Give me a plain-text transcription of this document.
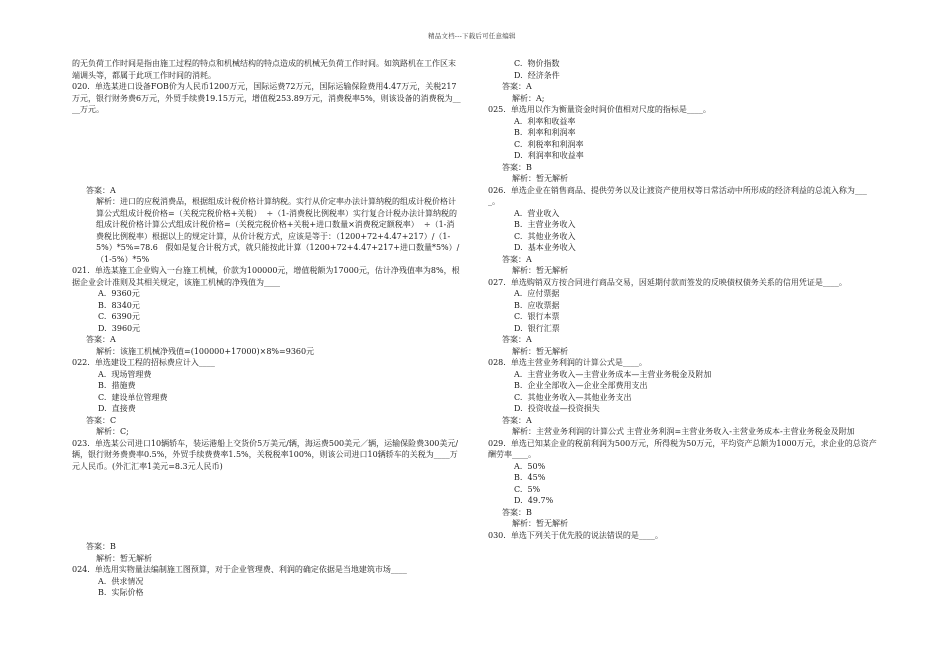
精品文档---下载后可任意编辑

的无负荷工作时间是指由施工过程的特点和机械结构的特点造成的机械无负荷工作时间。如筑路机在工作区末端调头等，都属于此项工作时间的消耗。

020.  单选某进口设备FOB价为人民币1200万元，国际运费72万元，国际运输保险费用4.47万元，关税217万元，银行财务费6万元，外贸手续费19.15万元，增值税253.89万元，消费税率5%，则该设备的消费税为____万元。

答案：A

解析：进口的应税消费品，根据组成计税价格计算纳税。实行从价定率办法计算纳税的组成计税价格计算公式组成计税价格=（关税完税价格+关税）  ÷（1-消费税比例税率）实行复合计税办法计算纳税的组成计税价格计算公式组成计税价格=（关税完税价格+关税+进口数量×消费税定额税率）  ÷（1-消费税比例税率）根据以上的规定计算，从价计税方式，应该是等于：（1200+72+4.47+217）/（1-5%）*5%=78.6   假如是复合计税方式，就只能按此计算（1200+72+4.47+217+进口数量*5%）/（1-5%）*5%

021.  单选某施工企业购入一台施工机械，价款为100000元，增值税额为17000元，估计净残值率为8%，根据企业会计准则及其相关规定，该施工机械的净残值为____

A.  9360元

B.  8340元

C.  6390元

D.  3960元

答案：A

解析：该施工机械净残值=(100000+17000)×8%=9360元

022.  单选建设工程的招标费应计入____

A.  现场管理费

B.  措施费

C.  建设单位管理费

D.  直接费

答案：C

解析：C;

023.  单选某公司进口10辆轿车，装运港船上交货价5万美元/辆，海运费500美元／辆，运输保险费300美元/辆，银行财务费费率0.5%，外贸手续费费率1.5%，关税税率100%，则该公司进口10辆轿车的关税为____万元人民币。(外汇汇率1美元=8.3元人民币)

答案：B

解析：暂无解析

024.  单选用实物量法编制施工图预算，对于企业管理费、利润的确定依据是当地建筑市场____

A.  供求情况

B.  实际价格

C.  物价指数

D.  经济条件

答案：A

解析：A;

025.  单选用以作为衡量资金时间价值相对尺度的指标是____。

A.  利率和收益率

B.  利率和利润率

C.  利税率和利润率

D.  利润率和收益率

答案：B

解析：暂无解析

026.  单选企业在销售商品、提供劳务以及让渡资产使用权等日常活动中所形成的经济利益的总流入称为____。

A.  营业收入

B.  主营业务收入

C.  其他业务收入

D.  基本业务收入

答案：A

解析：暂无解析

027.  单选购销双方按合同进行商品交易，因延期付款而签发的反映债权债务关系的信用凭证是____。

A.  应付票据

B.  应收票据

C.  银行本票

D.  银行汇票

答案：A

解析：暂无解析

028.  单选主营业务利润的计算公式是____。

A.  主营业务收入—主营业务成本—主营业务税金及附加

B.  企业全部收入—企业全部费用支出

C.  其他业务收入—其他业务支出

D.  投资收益—投资损失

答案：A

解析：主营业务利润的计算公式 主营业务利润=主营业务收入-主营业务成本-主营业务税金及附加

029.  单选已知某企业的税前利润为500万元，所得税为50万元，平均资产总额为1000万元，求企业的总资产酬劳率____。

A.  50%

B.  45%

C.  5%

D.  49.7%

答案：B

解析：暂无解析

030.  单选下列关于优先股的说法错误的是____。
